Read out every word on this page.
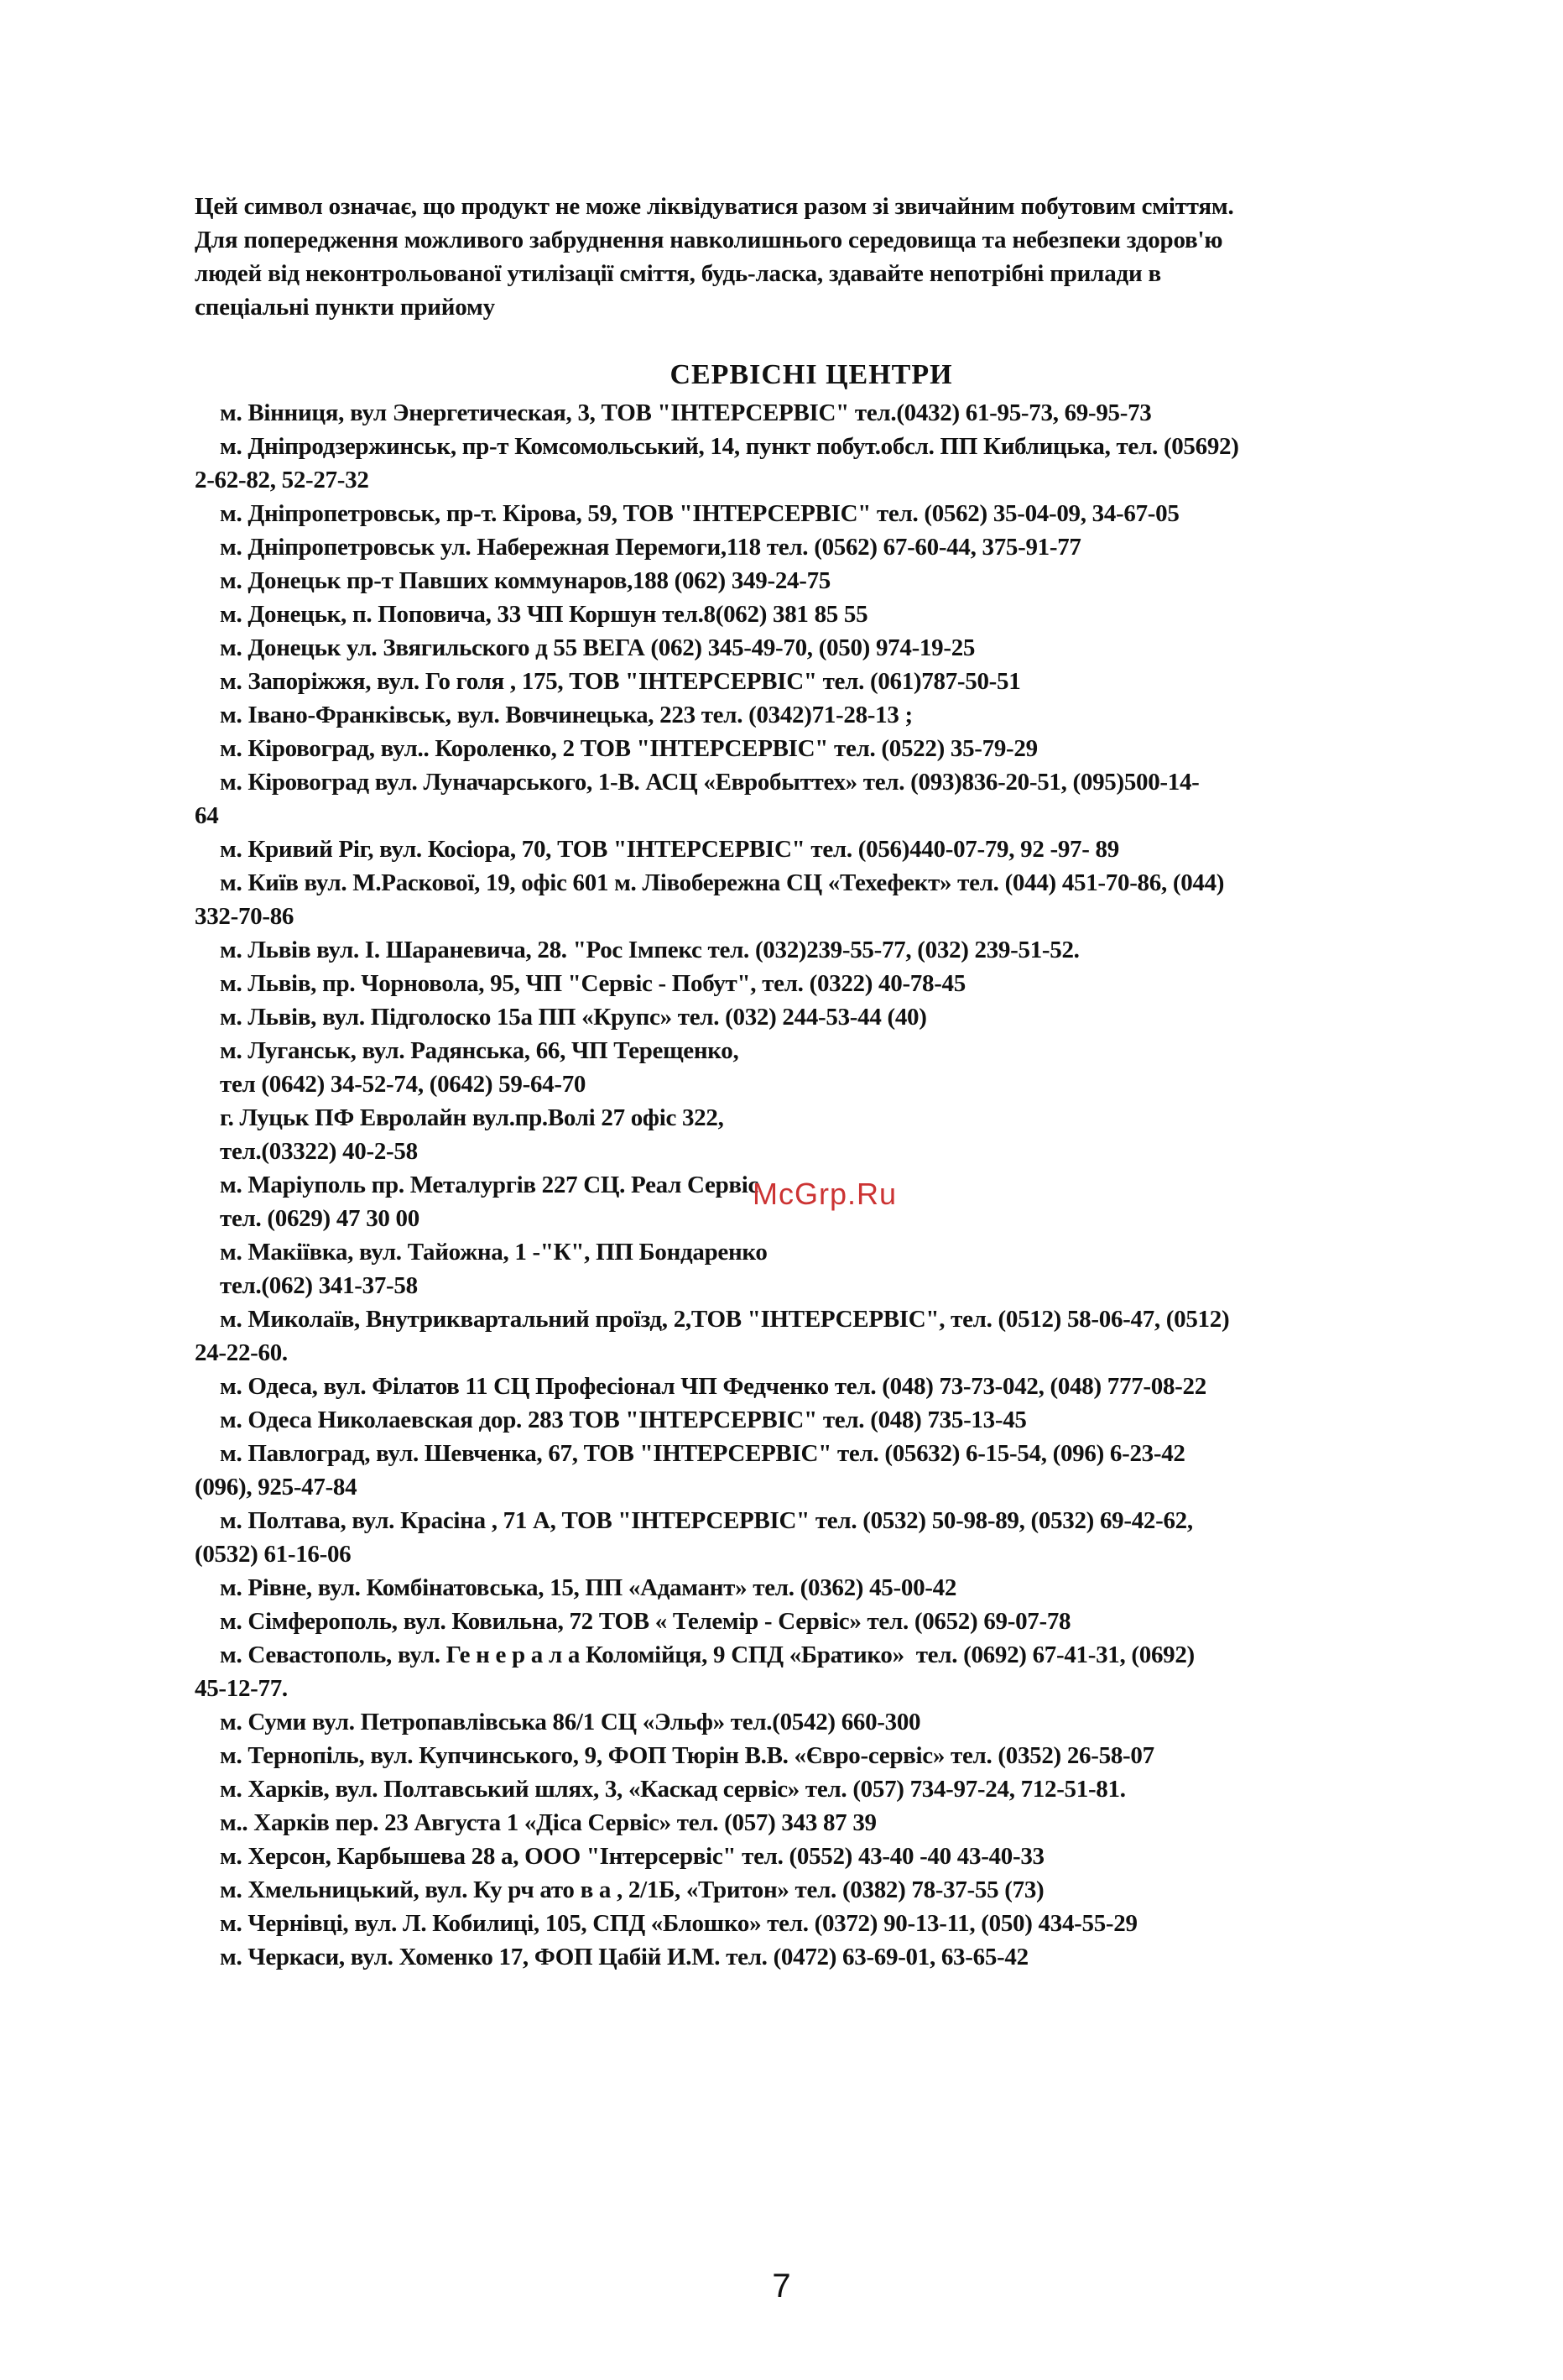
Цей символ означає, що продукт не може ліквідуватися разом зі звичайним побутовим сміттям.
Для попередження можливого забруднення навколишнього середовища та небезпеки здоров'ю
людей від неконтрольованої утилізації сміття, будь-ласка, здавайте непотрібні прилади в
спеціальні пункти прийому

СЕРВІСНІ ЦЕНТРИ
м. Вінниця, вул Энергетическая, 3, ТОВ "ІНТЕРСЕРВІС" тел.(0432) 61-95-73, 69-95-73
м. Дніпродзержинськ, пр-т Комсомольський, 14, пункт побут.обсл. ПП Киблицька, тел. (05692)
2-62-82, 52-27-32
м. Дніпропетровськ, пр-т. Кірова, 59, ТОВ "ІНТЕРСЕРВІС" тел. (0562) 35-04-09, 34-67-05
м. Дніпропетровськ ул. Набережная Перемоги,118 тел. (0562) 67-60-44, 375-91-77
м. Донецьк пр-т Павших коммунаров,188 (062) 349-24-75
м. Донецьк, п. Поповича, 33 ЧП Коршун тел.8(062) 381 85 55
м. Донецьк ул. Звягильского д 55 ВЕГА (062) 345-49-70, (050) 974-19-25
м. Запоріжжя, вул. Го голя , 175, ТОВ "ІНТЕРСЕРВІС" тел. (061)787-50-51
м. Івано-Франківськ, вул. Вовчинецька, 223 тел. (0342)71-28-13 ;
м. Кіровоград, вул.. Короленко, 2 ТОВ "ІНТЕРСЕРВІС" тел. (0522) 35-79-29
м. Кіровоград вул. Луначарського, 1-В. АСЦ «Евробыттех» тел. (093)836-20-51, (095)500-14-
64
м. Кривий Ріг, вул. Косіора, 70, ТОВ "ІНТЕРСЕРВІС" тел. (056)440-07-79, 92 -97- 89
м. Київ вул. М.Раскової, 19, офіс 601 м. Лівобережна СЦ «Техефект» тел. (044) 451-70-86, (044)
332-70-86
м. Львів вул. І. Шараневича, 28. "Рос Імпекс тел. (032)239-55-77, (032) 239-51-52.
м. Львів, пр. Чорновола, 95, ЧП "Сервіс - Побут", тел. (0322) 40-78-45
м. Львів, вул. Підголоско 15а ПП «Крупс» тел. (032) 244-53-44 (40)
м. Луганськ, вул. Радянська, 66, ЧП Терещенко,
тел (0642) 34-52-74, (0642) 59-64-70
г. Луцьк ПФ Евролайн вул.пр.Волі 27 офіс 322,
тел.(03322) 40-2-58
м. Маріуполь пр. Металургів 227 СЦ. Реал Сервіс
тел. (0629) 47 30 00
м. Макіївка, вул. Тайожна, 1 -"К", ПП Бондаренко
тел.(062) 341-37-58
м. Миколаїв, Внутриквартальний проїзд, 2,ТОВ "ІНТЕРСЕРВІС", тел. (0512) 58-06-47, (0512)
24-22-60.
м. Одеса, вул. Філатов 11 СЦ Професіонал ЧП Федченко тел. (048) 73-73-042, (048) 777-08-22
м. Одеса Николаевская дор. 283 ТОВ "ІНТЕРСЕРВІС" тел. (048) 735-13-45
м. Павлоград, вул. Шевченка, 67, ТОВ "ІНТЕРСЕРВІС" тел. (05632) 6-15-54, (096) 6-23-42
(096), 925-47-84
м. Полтава, вул. Красіна , 71 А, ТОВ "ІНТЕРСЕРВІС" тел. (0532) 50-98-89, (0532) 69-42-62,
(0532) 61-16-06
м. Рівне, вул. Комбінатовська, 15, ПП «Адамант» тел. (0362) 45-00-42
м. Сімферополь, вул. Ковильна, 72 ТОВ « Телемір - Сервіс» тел. (0652) 69-07-78
м. Севастополь, вул. Ге н е р а л а Коломійця, 9 СПД «Братико»  тел. (0692) 67-41-31, (0692)
45-12-77.
м. Суми вул. Петропавлівська 86/1 СЦ «Эльф» тел.(0542) 660-300
м. Тернопіль, вул. Купчинського, 9, ФОП Тюрін В.В. «Євро-сервіс» тел. (0352) 26-58-07
м. Харків, вул. Полтавський шлях, 3, «Каскад сервіс» тел. (057) 734-97-24, 712-51-81.
м.. Харків пер. 23 Августа 1 «Діса Сервіс» тел. (057) 343 87 39
м. Херсон, Карбышева 28 а, ООО "Інтерсервіс" тел. (0552) 43-40 -40 43-40-33
м. Хмельницький, вул. Ку рч ато в а , 2/1Б, «Тритон» тел. (0382) 78-37-55 (73)
м. Чернівці, вул. Л. Кобилиці, 105, СПД «Блошко» тел. (0372) 90-13-11, (050) 434-55-29
м. Черкаси, вул. Хоменко 17, ФОП Цабій И.М. тел. (0472) 63-69-01, 63-65-42
McGrp.Ru
7
